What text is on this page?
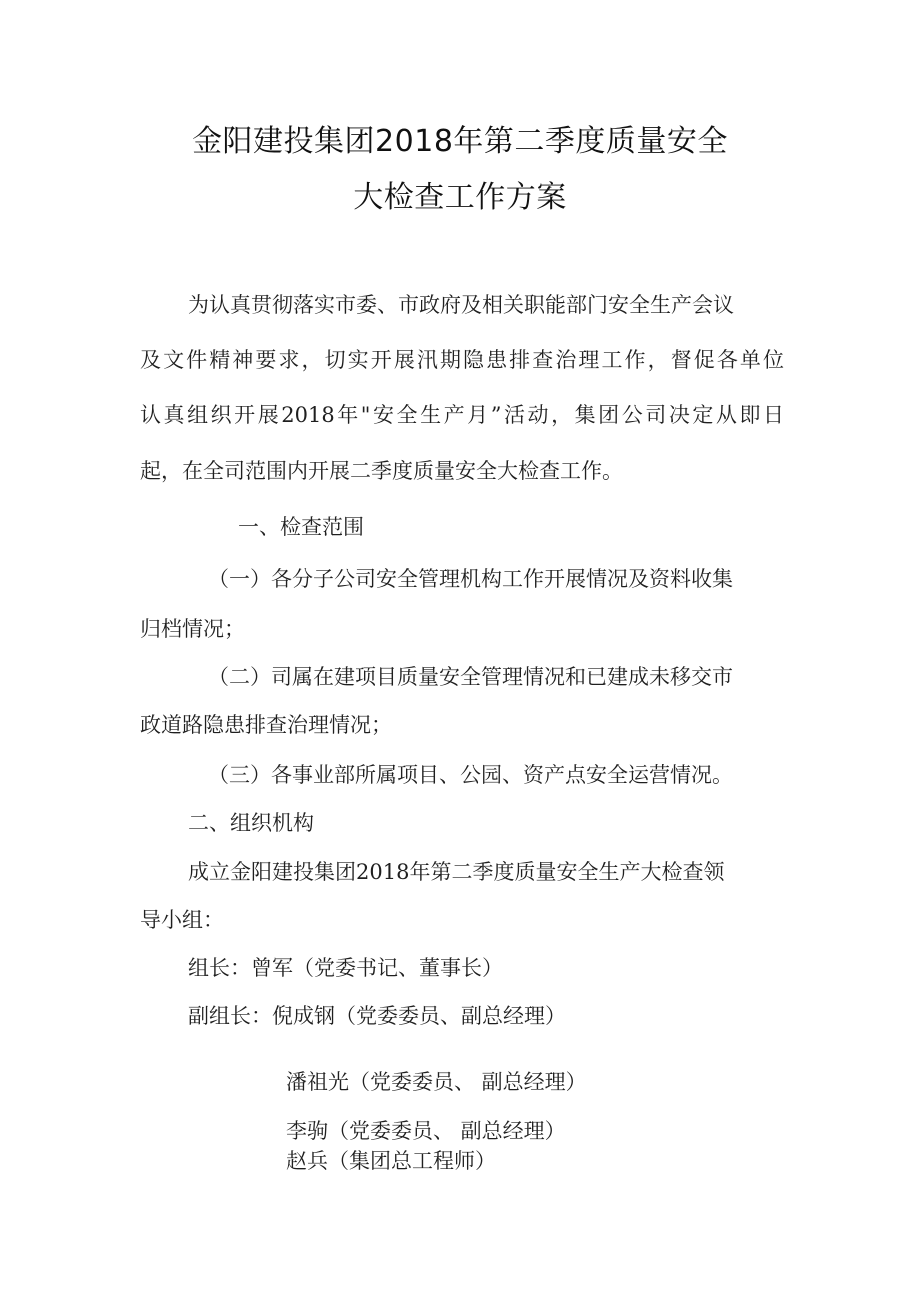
金阳建投集团2018年第二季度质量安全
大检查工作方案
为认真贯彻落实市委、市政府及相关职能部门安全生产会议
及文件精神要求，切实开展汛期隐患排查治理工作，督促各单位
认真组织开展2018年"安全生产月”活动，集团公司决定从即日
起，在全司范围内开展二季度质量安全大检查工作。
一、检查范围
（一）各分子公司安全管理机构工作开展情况及资料收集
归档情况；
（二）司属在建项目质量安全管理情况和已建成未移交市
政道路隐患排查治理情况；
（三）各事业部所属项目、公园、资产点安全运营情况。
二、组织机构
成立金阳建投集团2018年第二季度质量安全生产大检查领
导小组：
组长：曾军（党委书记、董事长）
副组长：倪成钢（党委委员、副总经理）
潘祖光（党委委员、 副总经理）
李驹（党委委员、 副总经理）
赵兵（集团总工程师）
